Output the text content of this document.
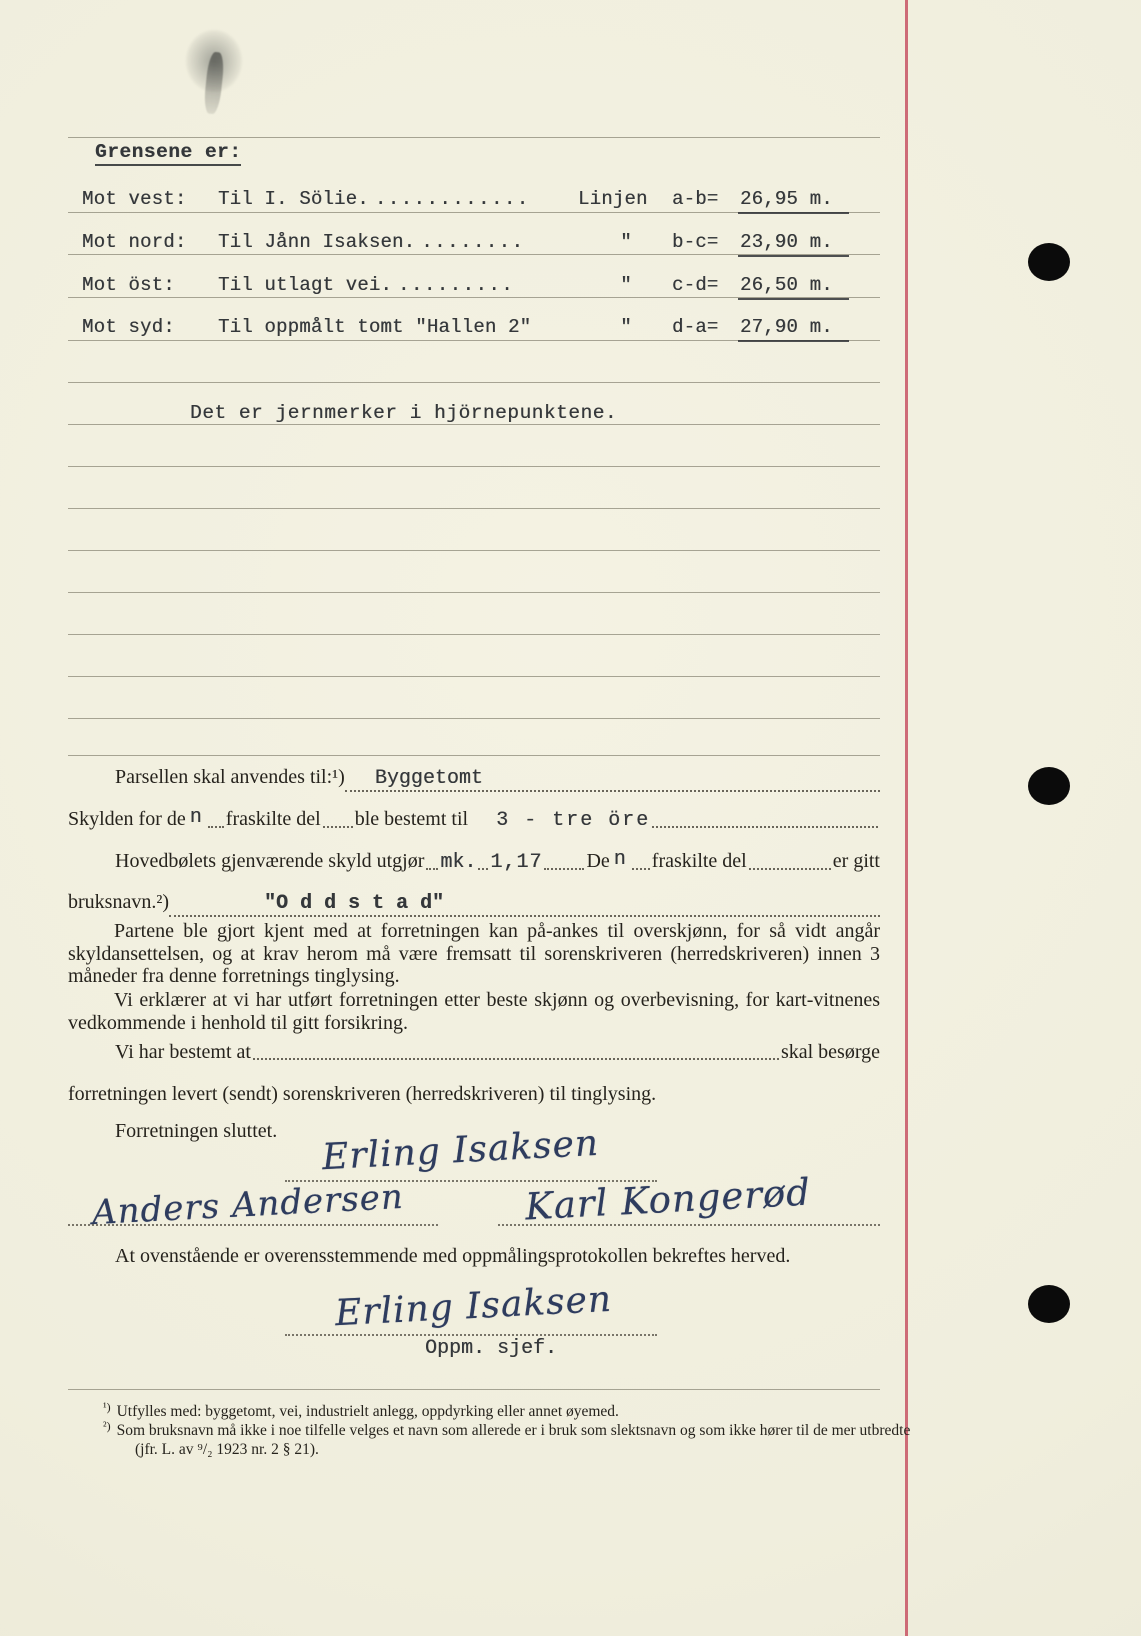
Grensene er:
Mot vest: Til I. Sölie. ............	Linjen	a-b= 26,95 m.
Mot nord: Til Jånn Isaksen. ........	"	b-c= 23,90 m.
Mot öst: Til utlagt vei. .........	"	c-d= 26,50 m.
Mot syd: Til oppmålt tomt "Hallen 2"	"	d-a= 27,90 m.
Det er jernmerker i hjörnepunktene.
Parsellen skal anvendes til:¹) Byggetomt
Skylden for de n fraskilte del ble bestemt til 3 - tre öre
Hovedbølets gjenværende skyld utgjør mk. 1,17 De n fraskilte del	er gitt
bruksnavn.²)	"O d d s t a d"
Partene ble gjort kjent med at forretningen kan på-ankes til overskjønn, for så vidt angår skyldansettelsen, og at krav herom må være fremsatt til sorenskriveren (herredskriveren) innen 3 måneder fra denne forretnings tinglysing.
Vi erklærer at vi har utført forretningen etter beste skjønn og overbevisning, for kart-vitnenes vedkommende i henhold til gitt forsikring.
Vi har bestemt at	skal besørge
forretningen levert (sendt) sorenskriveren (herredskriveren) til tinglysing.
Forretningen sluttet. Erling Isaksen
Anders Andersen	Karl Kongerød
At ovenstående er overensstemmende med oppmålingsprotokollen bekreftes herved.
Erling Isaksen
Oppm. sjef.
$^{^1)}$ Utfylles med: byggetomt, vei, industrielt anlegg, oppdyrking eller annet øyemed.
$^{^2)}$ Som bruksnavn må ikke i noe tilfelle velges et navn som allerede er i bruk som slektsnavn og som ikke hører til de mer utbredte (jfr. L. av ⁹/₂ 1923 nr. 2 § 21).
